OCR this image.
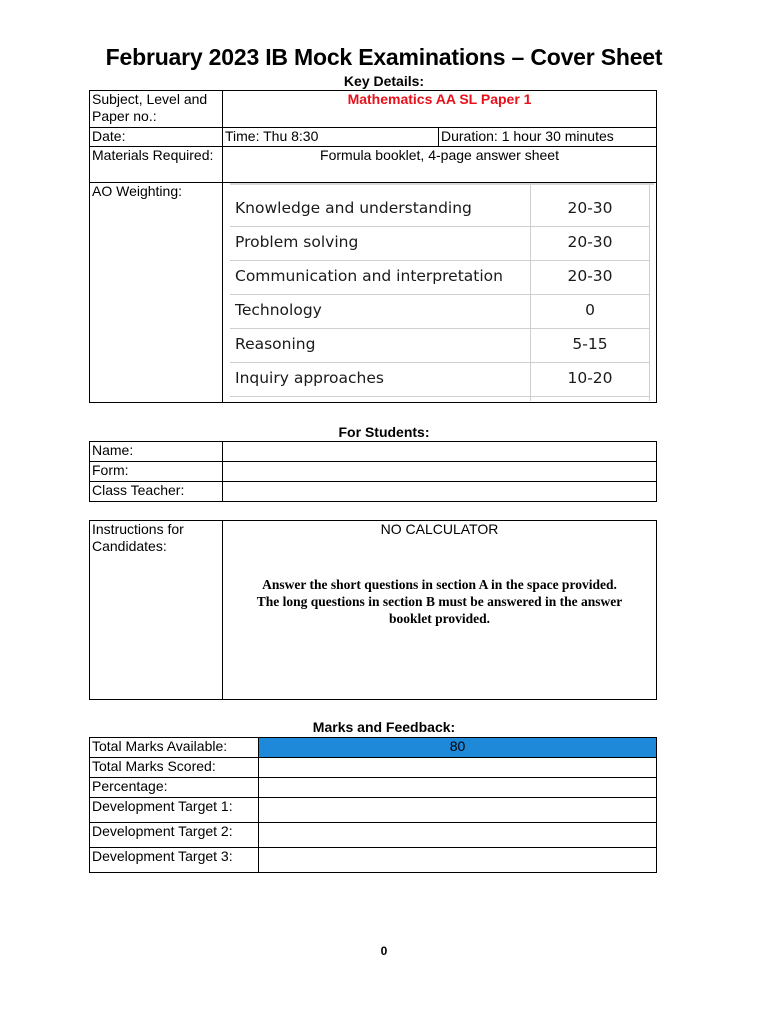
February 2023 IB Mock Examinations – Cover Sheet
Key Details:
Subject, Level and Paper no.:	Mathematics AA SL Paper 1	
Date:	Time: Thu 8:30	Duration: 1 hour 30 minutes
Materials Required:	Formula booklet, 4-page answer sheet	
AO Weighting:		
Knowledge and understanding	20-30
Problem solving	20-30
Communication and interpretation	20-30
Technology	0
Reasoning	5-15
Inquiry approaches	10-20
For Students:
Name:	
Form:	
Class Teacher:	
Instructions for Candidates:	
NO CALCULATOR
Answer the short questions in section A in the space provided.
The long questions in section B must be answered in the answer
booklet provided.
Marks and Feedback:
Total Marks Available:	80
Total Marks Scored:	
Percentage:	
Development Target 1:	
Development Target 2:	
Development Target 3:	
0
